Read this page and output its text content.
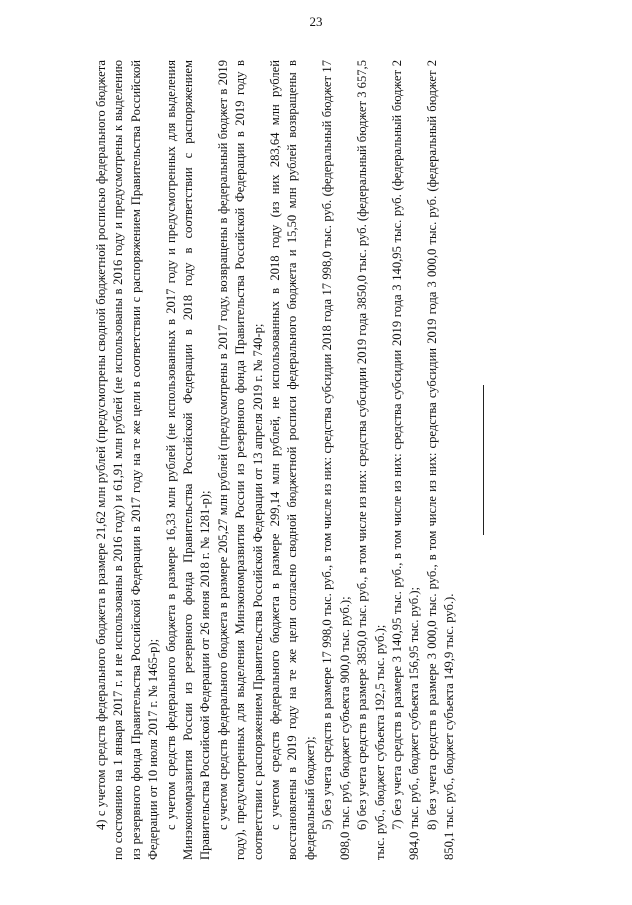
23

4) с учетом средств федерального бюджета в размере 21,62 млн рублей (предусмотрены сводной бюджетной росписью федерального бюджета по состоянию на 1 января 2017 г. и не использованы в 2016 году) и 61,91 млн рублей (не использованы в 2016 году и предусмотрены к выделению из резервного фонда Правительства Российской Федерации в 2017 году на те же цели в соответствии с распоряжением Правительства Российской Федерации от 10 июля 2017 г. № 1465-р); с учетом средств федерального бюджета в размере 16,33 млн рублей (не использованных в 2017 году и предусмотренных для выделения Минэкономразвития России из резервного фонда Правительства Российской Федерации в 2018 году в соответствии с распоряжением Правительства Российской Федерации от 26 июня 2018 г. № 1281-р); с учетом средств федерального бюджета в размере 205,27 млн рублей (предусмотрены в 2017 году, возвращены в федеральный бюджет в 2019 году), предусмотренных для выделения Минэкономразвития России из резервного фонда Правительства Российской Федерации в 2019 году в соответствии с распоряжением Правительства Российской Федерации от 13 апреля 2019 г. № 740-р; с учетом средств федерального бюджета в размере 299,14 млн рублей, не использованных в 2018 году (из них 283,64 млн рублей восстановлены в 2019 году на те же цели согласно сводной бюджетной росписи федерального бюджета и 15,50 млн рублей возвращены в федеральный бюджет); 5) без учета средств в размере 17 998,0 тыс. руб., в том числе из них: средства субсидии 2018 года 17 998,0 тыс. руб. (федеральный бюджет 17 098,0 тыс. руб, бюджет субъекта 900,0 тыс. руб.); 6) без учета средств в размере 3850,0 тыс. руб., в том числе из них: средства субсидии 2019 года 3850,0 тыс. руб. (федеральный бюджет 3 657,5 тыс. руб., бюджет субъекта 192,5 тыс. руб.); 7) без учета средств в размере 3 140,95 тыс. руб., в том числе из них: средства субсидии 2019 года 3 140,95 тыс. руб. (федеральный бюджет 2 984,0 тыс. руб., бюджет субъекта 156,95 тыс. руб.); 8) без учета средств в размере 3 000,0 тыс. руб., в том числе из них: средства субсидии 2019 года 3 000,0 тыс. руб. (федеральный бюджет 2 850,1 тыс. руб., бюджет субъекта 149,9 тыс. руб.).
